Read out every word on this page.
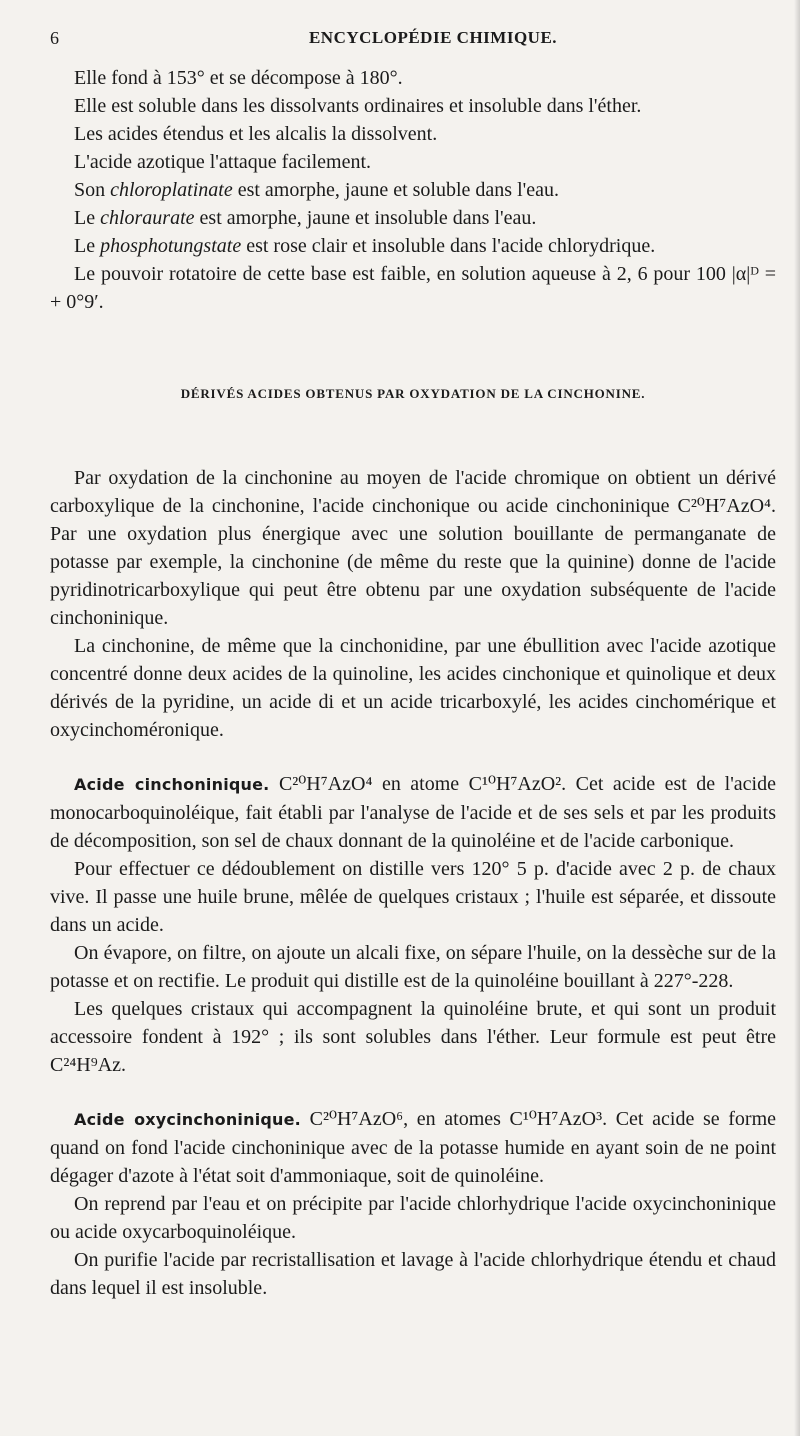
6	ENCYCLOPÉDIE CHIMIQUE.

Elle fond à 153° et se décompose à 180°.

Elle est soluble dans les dissolvants ordinaires et insoluble dans l'éther.

Les acides étendus et les alcalis la dissolvent.

L'acide azotique l'attaque facilement.

Son chloroplatinate est amorphe, jaune et soluble dans l'eau.

Le chloraurate est amorphe, jaune et insoluble dans l'eau.

Le phosphotungstate est rose clair et insoluble dans l'acide chlorydrique.

Le pouvoir rotatoire de cette base est faible, en solution aqueuse à 2, 6 pour 100 |α|ᴰ = + 0°9′.

DÉRIVÉS ACIDES OBTENUS PAR OXYDATION DE LA CINCHONINE.

Par oxydation de la cinchonine au moyen de l'acide chromique on obtient un dérivé carboxylique de la cinchonine, l'acide cinchonique ou acide cinchoninique C²⁰H⁷AzO⁴. Par une oxydation plus énergique avec une solution bouillante de permanganate de potasse par exemple, la cinchonine (de même du reste que la quinine) donne de l'acide pyridinotricarboxylique qui peut être obtenu par une oxydation subséquente de l'acide cinchoninique.

La cinchonine, de même que la cinchonidine, par une ébullition avec l'acide azotique concentré donne deux acides de la quinoline, les acides cinchonique et quinolique et deux dérivés de la pyridine, un acide di et un acide tricarboxylé, les acides cinchomérique et oxycinchoméronique.

Acide cinchoninique. C²⁰H⁷AzO⁴ en atome C¹⁰H⁷AzO². Cet acide est de l'acide monocarboquinoléique, fait établi par l'analyse de l'acide et de ses sels et par les produits de décomposition, son sel de chaux donnant de la quinoléine et de l'acide carbonique.

Pour effectuer ce dédoublement on distille vers 120° 5 p. d'acide avec 2 p. de chaux vive. Il passe une huile brune, mêlée de quelques cristaux ; l'huile est séparée, et dissoute dans un acide.

On évapore, on filtre, on ajoute un alcali fixe, on sépare l'huile, on la dessèche sur de la potasse et on rectifie. Le produit qui distille est de la quinoléine bouillant à 227°-228.

Les quelques cristaux qui accompagnent la quinoléine brute, et qui sont un produit accessoire fondent à 192° ; ils sont solubles dans l'éther. Leur formule est peut être C²⁴H⁹Az.

Acide oxycinchoninique. C²⁰H⁷AzO⁶, en atomes C¹⁰H⁷AzO³. Cet acide se forme quand on fond l'acide cinchoninique avec de la potasse humide en ayant soin de ne point dégager d'azote à l'état soit d'ammoniaque, soit de quinoléine.

On reprend par l'eau et on précipite par l'acide chlorhydrique l'acide oxycinchoninique ou acide oxycarboquinoléique.

On purifie l'acide par recristallisation et lavage à l'acide chlorhydrique étendu et chaud dans lequel il est insoluble.
